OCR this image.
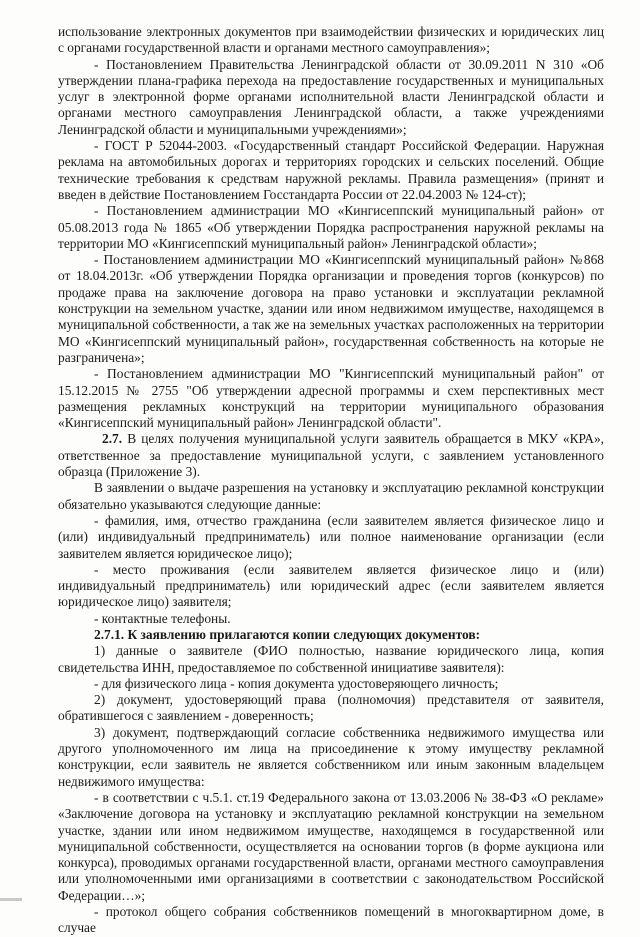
использование электронных документов при взаимодействии физических и юридических лиц с органами государственной власти и органами местного самоуправления»;

- Постановлением Правительства Ленинградской области от 30.09.2011 N 310 «Об утверждении плана-графика перехода на предоставление государственных и муниципальных услуг в электронной форме органами исполнительной власти Ленинградской области и органами местного самоуправления Ленинградской области, а также учреждениями Ленинградской области и муниципальными учреждениями»;

- ГОСТ Р 52044-2003. «Государственный стандарт Российской Федерации. Наружная реклама на автомобильных дорогах и территориях городских и сельских поселений. Общие технические требования к средствам наружной рекламы. Правила размещения» (принят и введен в действие Постановлением Госстандарта России от 22.04.2003 № 124-ст);

- Постановлением администрации МО «Кингисеппский муниципальный район» от 05.08.2013 года № 1865 «Об утверждении Порядка распространения наружной рекламы на территории МО «Кингисеппский муниципальный район» Ленинградской области»;

- Постановлением администрации МО «Кингисеппский муниципальный район» №868 от 18.04.2013г. «Об утверждении Порядка организации и проведения торгов (конкурсов) по продаже права на заключение договора на право установки и эксплуатации рекламной конструкции на земельном участке, здании или ином недвижимом имуществе, находящемся в муниципальной собственности, а так же на земельных участках расположенных на территории МО «Кингисеппский муниципальный район», государственная собственность на которые не разграничена»;

- Постановлением администрации МО "Кингисеппский муниципальный район" от 15.12.2015 № 2755 "Об утверждении адресной программы и схем перспективных мест размещения рекламных конструкций на территории муниципального образования «Кингисеппский муниципальный район» Ленинградской области".

2.7. В целях получения муниципальной услуги заявитель обращается в МКУ «КРА», ответственное за предоставление муниципальной услуги, с заявлением установленного образца (Приложение 3).

В заявлении о выдаче разрешения на установку и эксплуатацию рекламной конструкции обязательно указываются следующие данные:

- фамилия, имя, отчество гражданина (если заявителем является физическое лицо и (или) индивидуальный предприниматель) или полное наименование организации (если заявителем является юридическое лицо);

- место проживания (если заявителем является физическое лицо и (или) индивидуальный предприниматель) или юридический адрес (если заявителем является юридическое лицо) заявителя;

- контактные телефоны.

2.7.1. К заявлению прилагаются копии следующих документов:

1) данные о заявителе (ФИО полностью, название юридического лица, копия свидетельства ИНН, предоставляемое по собственной инициативе заявителя):

- для физического лица - копия документа удостоверяющего личность;

2) документ, удостоверяющий права (полномочия) представителя от заявителя, обратившегося с заявлением - доверенность;

3) документ, подтверждающий согласие собственника недвижимого имущества или другого уполномоченного им лица на присоединение к этому имуществу рекламной конструкции, если заявитель не является собственником или иным законным владельцем недвижимого имущества:

- в соответствии с ч.5.1. ст.19 Федерального закона от 13.03.2006 № 38-ФЗ «О рекламе» «Заключение договора на установку и эксплуатацию рекламной конструкции на земельном участке, здании или ином недвижимом имуществе, находящемся в государственной или муниципальной собственности, осуществляется на основании торгов (в форме аукциона или конкурса), проводимых органами государственной власти, органами местного самоуправления или уполномоченными ими организациями в соответствии с законодательством Российской Федерации…»;

- протокол общего собрания собственников помещений в многоквартирном доме, в случае
